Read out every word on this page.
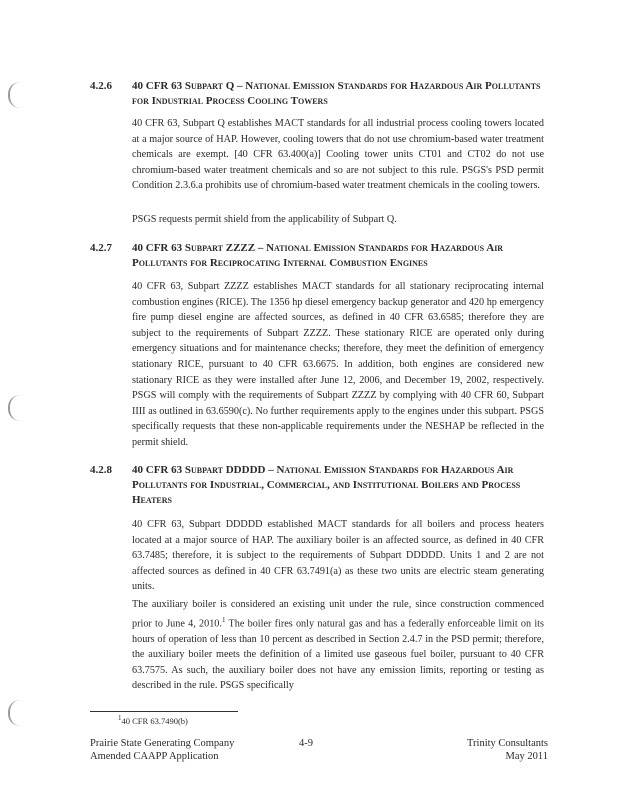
4.2.6 40 CFR 63 Subpart Q – National Emission Standards for Hazardous Air Pollutants for Industrial Process Cooling Towers
40 CFR 63, Subpart Q establishes MACT standards for all industrial process cooling towers located at a major source of HAP. However, cooling towers that do not use chromium-based water treatment chemicals are exempt. [40 CFR 63.400(a)] Cooling tower units CT01 and CT02 do not use chromium-based water treatment chemicals and so are not subject to this rule. PSGS's PSD permit Condition 2.3.6.a prohibits use of chromium-based water treatment chemicals in the cooling towers.
PSGS requests permit shield from the applicability of Subpart Q.
4.2.7 40 CFR 63 Subpart ZZZZ – National Emission Standards for Hazardous Air Pollutants for Reciprocating Internal Combustion Engines
40 CFR 63, Subpart ZZZZ establishes MACT standards for all stationary reciprocating internal combustion engines (RICE). The 1356 hp diesel emergency backup generator and 420 hp emergency fire pump diesel engine are affected sources, as defined in 40 CFR 63.6585; therefore they are subject to the requirements of Subpart ZZZZ. These stationary RICE are operated only during emergency situations and for maintenance checks; therefore, they meet the definition of emergency stationary RICE, pursuant to 40 CFR 63.6675. In addition, both engines are considered new stationary RICE as they were installed after June 12, 2006, and December 19, 2002, respectively. PSGS will comply with the requirements of Subpart ZZZZ by complying with 40 CFR 60, Subpart IIII as outlined in 63.6590(c). No further requirements apply to the engines under this subpart. PSGS specifically requests that these non-applicable requirements under the NESHAP be reflected in the permit shield.
4.2.8 40 CFR 63 Subpart DDDDD – National Emission Standards for Hazardous Air Pollutants for Industrial, Commercial, and Institutional Boilers and Process Heaters
40 CFR 63, Subpart DDDDD established MACT standards for all boilers and process heaters located at a major source of HAP. The auxiliary boiler is an affected source, as defined in 40 CFR 63.7485; therefore, it is subject to the requirements of Subpart DDDDD. Units 1 and 2 are not affected sources as defined in 40 CFR 63.7491(a) as these two units are electric steam generating units.
The auxiliary boiler is considered an existing unit under the rule, since construction commenced prior to June 4, 2010.$^1$ The boiler fires only natural gas and has a federally enforceable limit on its hours of operation of less than 10 percent as described in Section 2.4.7 in the PSD permit; therefore, the auxiliary boiler meets the definition of a limited use gaseous fuel boiler, pursuant to 40 CFR 63.7575. As such, the auxiliary boiler does not have any emission limits, reporting or testing as described in the rule. PSGS specifically
$^1$40 CFR 63.7490(b)
Prairie State Generating Company
Amended CAAPP Application
4-9	Trinity Consultants
May 2011
